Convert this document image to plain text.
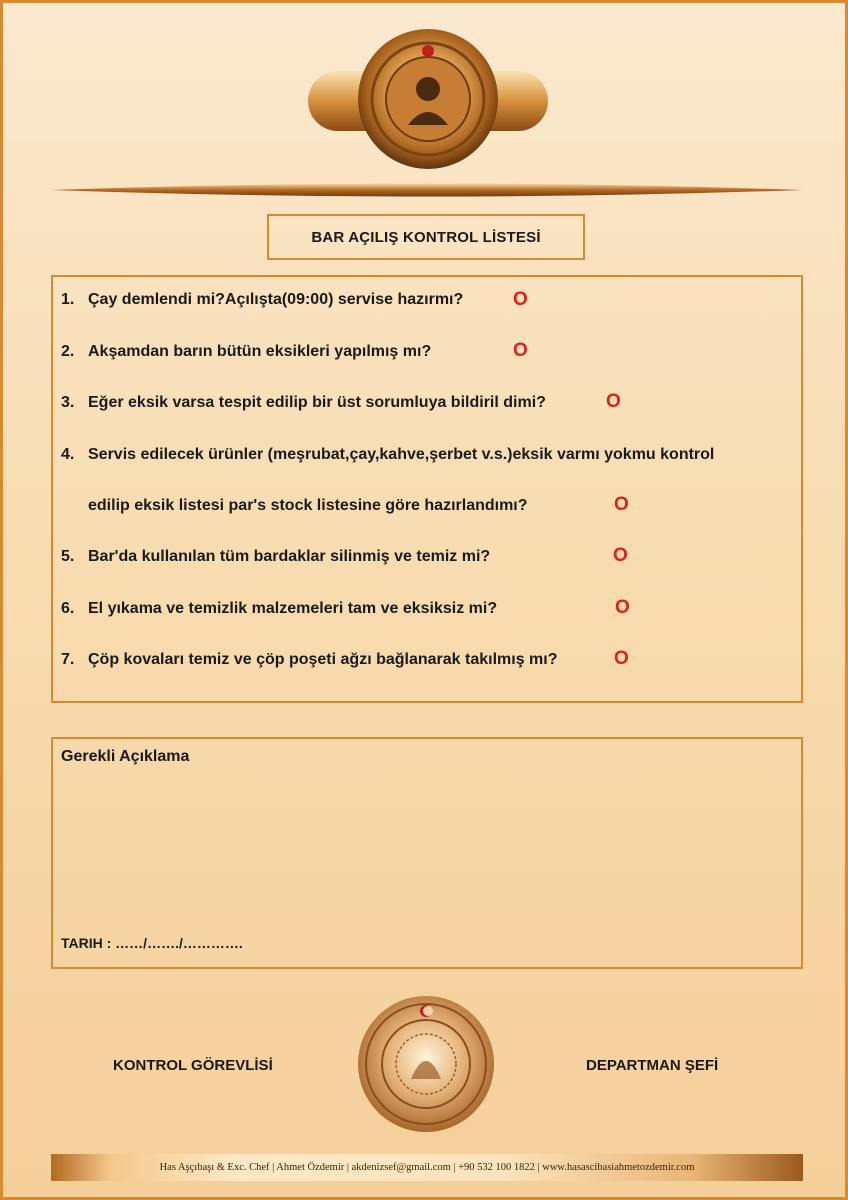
BAR AÇILIŞ KONTROL LİSTESİ
1. Çay demlendi mi?Açılışta(09:00) servise hazırmı?	O
2. Akşamdan barın bütün eksikleri yapılmış mı?	O
3. Eğer eksik varsa tespit edilip bir üst sorumluya bildiril dimi?	O
4. Servis edilecek ürünler (meşrubat,çay,kahve,şerbet v.s.)eksik varmı yokmu kontrol
edilip eksik listesi par's stock listesine göre hazırlandımı?	O
5. Bar'da kullanılan tüm bardaklar silinmiş ve temiz mi?	O
6. El yıkama ve temizlik malzemeleri tam ve eksiksiz mi?	O
7. Çöp kovaları temiz ve çöp poşeti ağzı bağlanarak takılmış mı?	O
Gerekli Açıklama
TARIH : ……/……./………….
KONTROL GÖREVLİSİ	DEPARTMAN ŞEFİ
Has Aşçıbaşı & Exc. Chef | Ahmet Özdemir | akdenizsef@gmail.com | +90 532 100 1822 | www.hasascibasiahmetozdemir.com
